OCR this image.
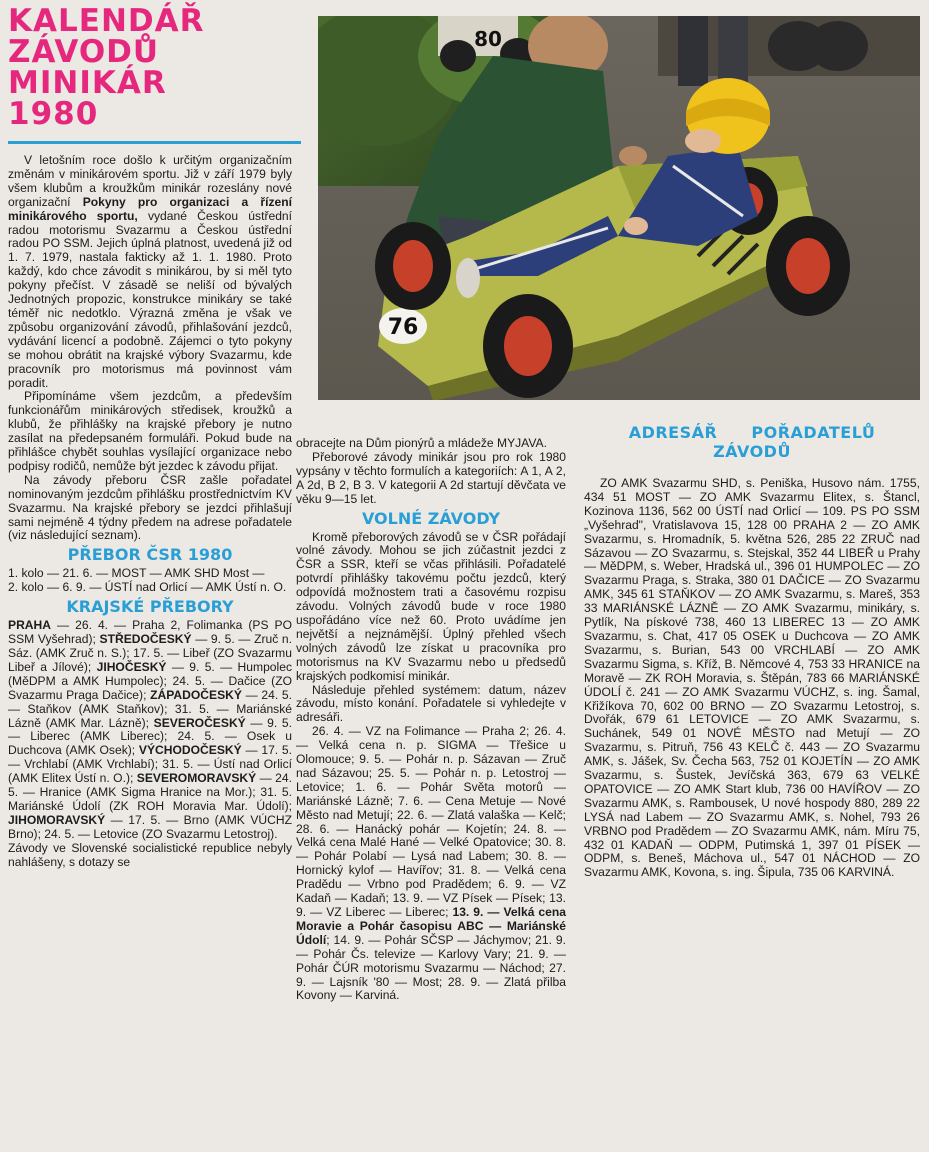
KALENDÁŘ
ZÁVODŮ
MINIKÁR
1980
76
80

V letošním roce došlo k určitým organizačním změnám v minikárovém sportu. Již v září 1979 byly všem klubům a kroužkům minikár rozeslány nové organizační Pokyny pro organizaci a řízení minikárového sportu, vydané Českou ústřední radou motorismu Svazarmu a Českou ústřední radou PO SSM. Jejich úplná platnost, uvedená již od 1. 7. 1979, nastala fakticky až 1. 1. 1980. Proto každý, kdo chce závodit s minikárou, by si měl tyto pokyny přečíst. V zásadě se neliší od bývalých Jednotných propozic, konstrukce minikáry se také téměř nic nedotklo. Výrazná změna je však ve způsobu organizování závodů, přihlašování jezdců, vydávání licencí a podobně. Zájemci o tyto pokyny se mohou obrátit na krajské výbory Svazarmu, kde pracovník pro motorismus má povinnost vám poradit.

Připomínáme všem jezdcům, a především funkcionářům minikárových středisek, kroužků a klubů, že přihlášky na krajské přebory je nutno zasílat na předepsaném formuláři. Pokud bude na přihlášce chybět souhlas vysílající organizace nebo podpisy rodičů, nemůže být jezdec k závodu přijat.

Na závody přeboru ČSR zašle pořadatel nominovaným jezdcům přihlášku prostřednictvím KV Svazarmu. Na krajské přebory se jezdci přihlašují sami nejméně 4 týdny předem na adrese pořadatele (viz následující seznam).

PŘEBOR ČSR 1980

1. kolo — 21. 6. — MOST — AMK SHD Most —

2. kolo — 6. 9. — ÚSTÍ nad Orlicí — AMK Ústí n. O.

KRAJSKÉ PŘEBORY

PRAHA — 26. 4. — Praha 2, Folimanka (PS PO SSM Vyšehrad); STŘEDOČESKÝ — 9. 5. — Zruč n. Sáz. (AMK Zruč n. S.); 17. 5. — Libeř (ZO Svazarmu Libeř a Jílové); JIHOČESKÝ — 9. 5. — Humpolec (MěDPM a AMK Humpolec); 24. 5. — Dačice (ZO Svazarmu Praga Dačice); ZÁPADOČESKÝ — 24. 5. — Staňkov (AMK Staňkov); 31. 5. — Mariánské Lázně (AMK Mar. Lázně); SEVEROČESKÝ — 9. 5. — Liberec (AMK Liberec); 24. 5. — Osek u Duchcova (AMK Osek); VÝCHODOČESKÝ — 17. 5. — Vrchlabí (AMK Vrchlabí); 31. 5. — Ústí nad Orlicí (AMK Elitex Ústí n. O.); SEVEROMORAVSKÝ — 24. 5. — Hranice (AMK Sigma Hranice na Mor.); 31. 5. Mariánské Údolí (ZK ROH Moravia Mar. Údolí); JIHOMORAVSKÝ — 17. 5. — Brno (AMK VÚCHZ Brno); 24. 5. — Letovice (ZO Svazarmu Letostroj).

Závody ve Slovenské socialistické republice nebyly nahlášeny, s dotazy se

obracejte na Dům pionýrů a mládeže MYJAVA.

Přeborové závody minikár jsou pro rok 1980 vypsány v těchto formulích a kategoriích: A 1, A 2, A 2d, B 2, B 3. V kategorii A 2d startují děvčata ve věku 9—15 let.

VOLNÉ ZÁVODY

Kromě přeborových závodů se v ČSR pořádají volné závody. Mohou se jich zúčastnit jezdci z ČSR a SSR, kteří se včas přihlásili. Pořadatelé potvrdí přihlášky takovému počtu jezdců, který odpovídá možnostem trati a časovému rozpisu závodu. Volných závodů bude v roce 1980 uspořádáno více než 60. Proto uvádíme jen největší a nejznámější. Úplný přehled všech volných závodů lze získat u pracovníka pro motorismus na KV Svazarmu nebo u předsedů krajských podkomisí minikár.

Následuje přehled systémem: datum, název závodu, místo konání. Pořadatele si vyhledejte v adresáři.

26. 4. — VZ na Folimance — Praha 2; 26. 4. — Velká cena n. p. SIGMA — Třešice u Olomouce; 9. 5. — Pohár n. p. Sázavan — Zruč nad Sázavou; 25. 5. — Pohár n. p. Letostroj — Letovice; 1. 6. — Pohár Světa motorů — Mariánské Lázně; 7. 6. — Cena Metuje — Nové Město nad Metují; 22. 6. — Zlatá valaška — Kelč; 28. 6. — Hanácký pohár — Kojetín; 24. 8. — Velká cena Malé Hané — Velké Opatovice; 30. 8. — Pohár Polabí — Lysá nad Labem; 30. 8. — Hornický kylof — Havířov; 31. 8. — Velká cena Pradědu — Vrbno pod Pradědem; 6. 9. — VZ Kadaň — Kadaň; 13. 9. — VZ Písek — Písek; 13. 9. — VZ Liberec — Liberec; 13. 9. — Velká cena Moravie a Pohár časopisu ABC — Mariánské Údolí; 14. 9. — Pohár SČSP — Jáchymov; 21. 9. — Pohár Čs. televize — Karlovy Vary; 21. 9. — Pohár ČÚR motorismu Svazarmu — Náchod; 27. 9. — Lajsník '80 — Most; 28. 9. — Zlatá přilba Kovony — Karviná.

ADRESÁŘ POŘADATELŮ
ZÁVODŮ

ZO AMK Svazarmu SHD, s. Peniška, Husovo nám. 1755, 434 51 MOST — ZO AMK Svazarmu Elitex, s. Štancl, Kozinova 1136, 562 00 ÚSTÍ nad Orlicí — 109. PS PO SSM „Vyšehrad", Vratislavova 15, 128 00 PRAHA 2 — ZO AMK Svazarmu, s. Hromadník, 5. května 526, 285 22 ZRUČ nad Sázavou — ZO Svazarmu, s. Stejskal, 352 44 LIBEŘ u Prahy — MěDPM, s. Weber, Hradská ul., 396 01 HUMPOLEC — ZO Svazarmu Praga, s. Straka, 380 01 DAČICE — ZO Svazarmu AMK, 345 61 STAŇKOV — ZO AMK Svazarmu, s. Mareš, 353 33 MARIÁNSKÉ LÁZNĚ — ZO AMK Svazarmu, minikáry, s. Pytlík, Na pískové 738, 460 13 LIBEREC 13 — ZO AMK Svazarmu, s. Chat, 417 05 OSEK u Duchcova — ZO AMK Svazarmu, s. Burian, 543 00 VRCHLABÍ — ZO AMK Svazarmu Sigma, s. Kříž, B. Němcové 4, 753 33 HRANICE na Moravě — ZK ROH Moravia, s. Štěpán, 783 66 MARIÁNSKÉ ÚDOLÍ č. 241 — ZO AMK Svazarmu VÚCHZ, s. ing. Šamal, Křižíkova 70, 602 00 BRNO — ZO Svazarmu Letostroj, s. Dvořák, 679 61 LETOVICE — ZO AMK Svazarmu, s. Suchánek, 549 01 NOVÉ MĚSTO nad Metují — ZO Svazarmu, s. Pitruň, 756 43 KELČ č. 443 — ZO Svazarmu AMK, s. Jášek, Sv. Čecha 563, 752 01 KOJETÍN — ZO AMK Svazarmu, s. Šustek, Jevíčská 363, 679 63 VELKÉ OPATOVICE — ZO AMK Start klub, 736 00 HAVÍŘOV — ZO Svazarmu AMK, s. Rambousek, U nové hospody 880, 289 22 LYSÁ nad Labem — ZO Svazarmu AMK, s. Nohel, 793 26 VRBNO pod Pradědem — ZO Svazarmu AMK, nám. Míru 75, 432 01 KADAŇ — ODPM, Putimská 1, 397 01 PÍSEK — ODPM, s. Beneš, Máchova ul., 547 01 NÁCHOD — ZO Svazarmu AMK, Kovona, s. ing. Šipula, 735 06 KARVINÁ.
